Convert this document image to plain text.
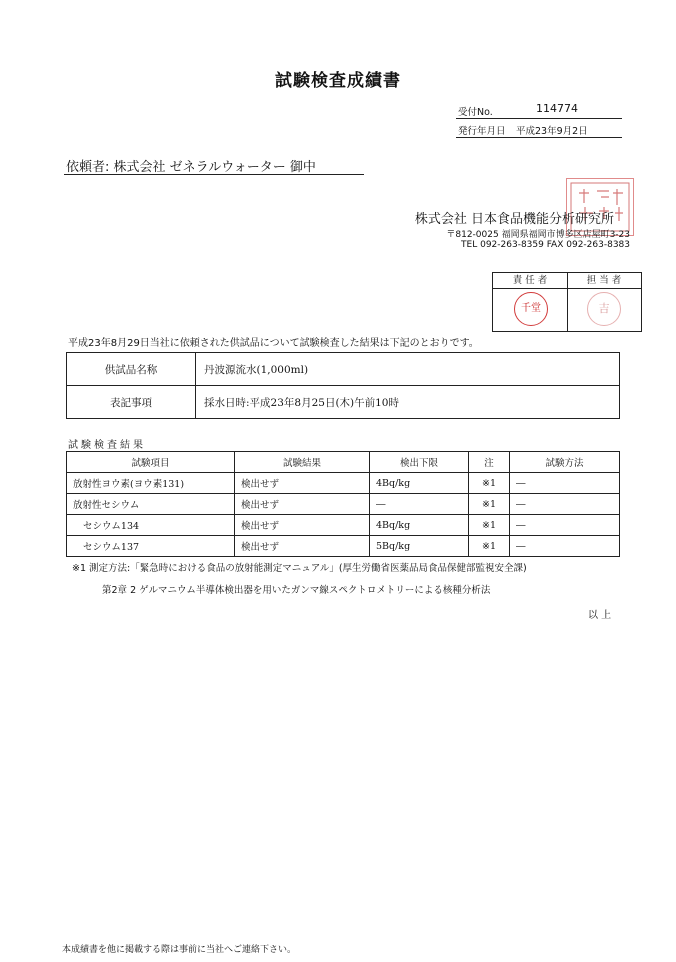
試験検査成績書
受付No.	114774
発行年月日 平成23年9月2日
依頼者: 株式会社 ゼネラルウォーター 御中
株式会社 日本食品機能分析研究所
〒812-0025 福岡県福岡市博多区店屋町3-23
TEL 092-263-8359 FAX 092-263-8383
責 任 者	担 当 者
千堂	吉
平成23年8月29日当社に依頼された供試品について試験検査した結果は下記のとおりです。
供試品名称	丹波源流水(1,000ml)
表記事項	採水日時:平成23年8月25日(木)午前10時
試験検査結果
試験項目	試験結果	検出下限	注	試験方法
放射性ヨウ素(ヨウ素131)	検出せず	4Bq/kg	※1	―
放射性セシウム	検出せず	―	※1	―
セシウム134	検出せず	4Bq/kg	※1	―
セシウム137	検出せず	5Bq/kg	※1	―
※1 測定方法:「緊急時における食品の放射能測定マニュアル」(厚生労働省医薬品局食品保健部監視安全課)
第2章 2 ゲルマニウム半導体検出器を用いたガンマ線スペクトロメトリーによる核種分析法
以 上
本成績書を他に掲載する際は事前に当社へご連絡下さい。
